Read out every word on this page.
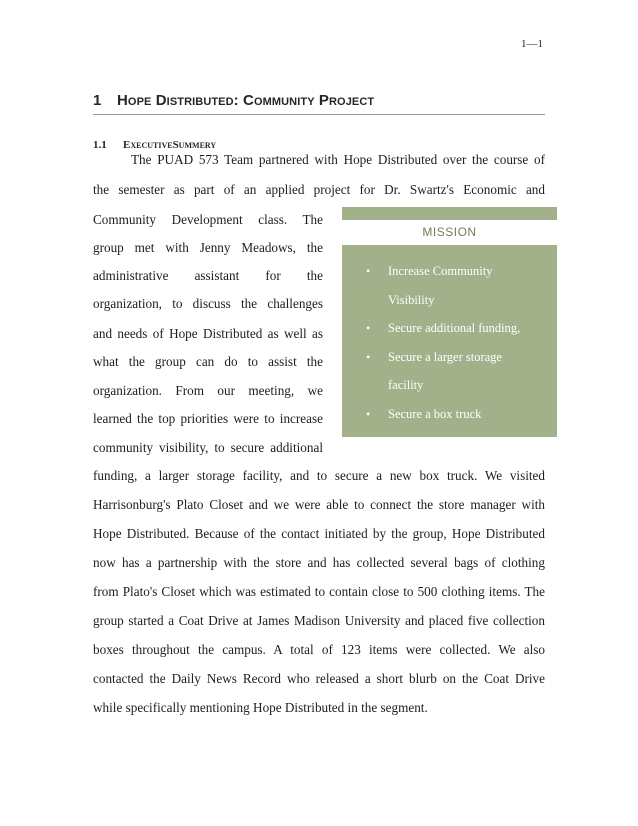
1—1
1 Hope Distributed: Community Project
1.1 ExecutiveSummery
The PUAD 573 Team partnered with Hope Distributed over the course of
the semester as part of an applied project for Dr. Swartz's Economic and
Community Development class. The
group met with Jenny Meadows, the
administrative assistant for the
organization, to discuss the challenges
and needs of Hope Distributed as well as
what the group can do to assist the
organization. From our meeting, we
learned the top priorities were to increase
community visibility, to secure additional
funding, a larger storage facility, and to secure a new box truck. We visited
Harrisonburg's Plato Closet and we were able to connect the store manager with
Hope Distributed. Because of the contact initiated by the group, Hope Distributed
now has a partnership with the store and has collected several bags of clothing
from Plato's Closet which was estimated to contain close to 500 clothing items. The
group started a Coat Drive at James Madison University and placed five collection
boxes throughout the campus. A total of 123 items were collected. We also
contacted the Daily News Record who released a short blurb on the Coat Drive
while specifically mentioning Hope Distributed in the segment.
MISSION
• Increase Community
Visibility
• Secure additional funding,
• Secure a larger storage
facility
• Secure a box truck
